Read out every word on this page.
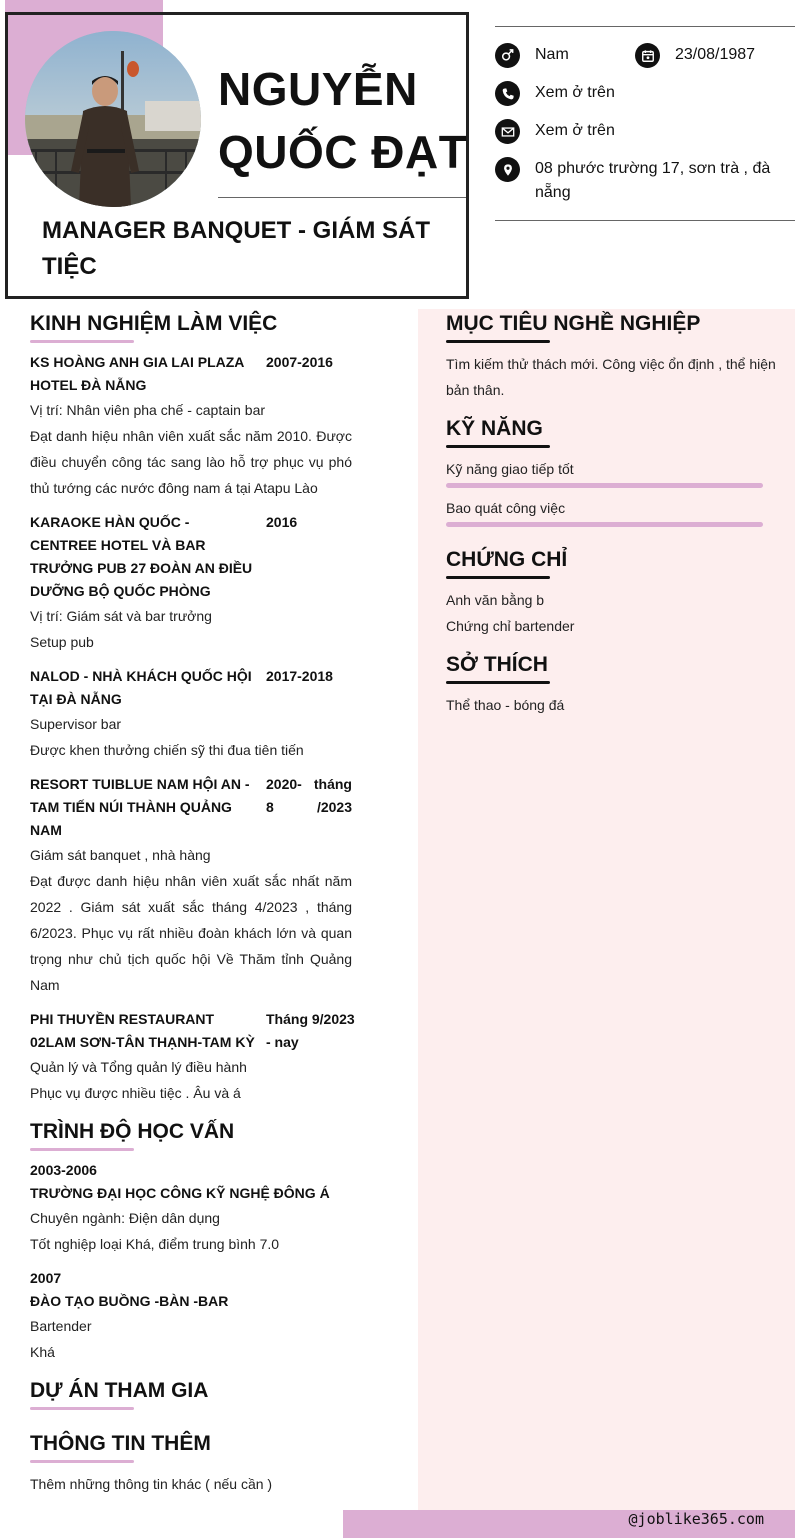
NGUYỄN QUỐC ĐẠT
MANAGER BANQUET - GIÁM SÁT TIỆC
Nam	23/08/1987
Xem ở trên
Xem ở trên
08 phước trường 17, sơn trà , đà nẵng
KINH NGHIỆM LÀM VIỆC
KS HOÀNG ANH GIA LAI PLAZA HOTEL ĐÀ NẴNG
2007-2016
Vị trí: Nhân viên pha chế - captain bar
Đạt danh hiệu nhân viên xuất sắc năm 2010. Được điều chuyển công tác sang lào hỗ trợ phục vụ phó thủ tướng các nước đông nam á tại Atapu Lào
KARAOKE HÀN QUỐC -CENTREE HOTEL VÀ BAR TRƯỞNG PUB 27 ĐOÀN AN ĐIỀU DƯỠNG BỘ QUỐC PHÒNG
2016
Vị trí: Giám sát và bar trưởng
Setup pub
NALOD - NHÀ KHÁCH QUỐC HỘI TẠI ĐÀ NẴNG
2017-2018
Supervisor bar
Được khen thưởng chiến sỹ thi đua tiên tiến
RESORT TUIBLUE NAM HỘI AN - TAM TIẾN NÚI THÀNH QUẢNG NAM
2020- tháng 8 /2023
Giám sát banquet , nhà hàng
Đạt được danh hiệu nhân viên xuất sắc nhất năm 2022 . Giám sát xuất sắc tháng 4/2023 , tháng 6/2023. Phục vụ rất nhiều đoàn khách lớn và quan trọng như chủ tịch quốc hội Về Thăm tỉnh Quảng Nam
PHI THUYỀN RESTAURANT 02LAM SƠN-TÂN THẠNH-TAM KỲ
Tháng 9/2023 - nay
Quản lý và Tổng quản lý điều hành
Phục vụ được nhiều tiệc . Âu và á
TRÌNH ĐỘ HỌC VẤN
2003-2006
TRƯỜNG ĐẠI HỌC CÔNG KỸ NGHỆ ĐÔNG Á
Chuyên ngành: Điện dân dụng
Tốt nghiệp loại Khá, điểm trung bình 7.0
2007
ĐÀO TẠO BUỒNG -BÀN -BAR
Bartender
Khá
DỰ ÁN THAM GIA
THÔNG TIN THÊM
Thêm những thông tin khác ( nếu cần )
MỤC TIÊU NGHỀ NGHIỆP
Tìm kiếm thử thách mới. Công việc ổn định , thể hiện bản thân.
KỸ NĂNG
Kỹ năng giao tiếp tốt
Bao quát công việc
CHỨNG CHỈ
Anh văn bằng b
Chứng chỉ bartender
SỞ THÍCH
Thể thao - bóng đá
@joblike365.com
